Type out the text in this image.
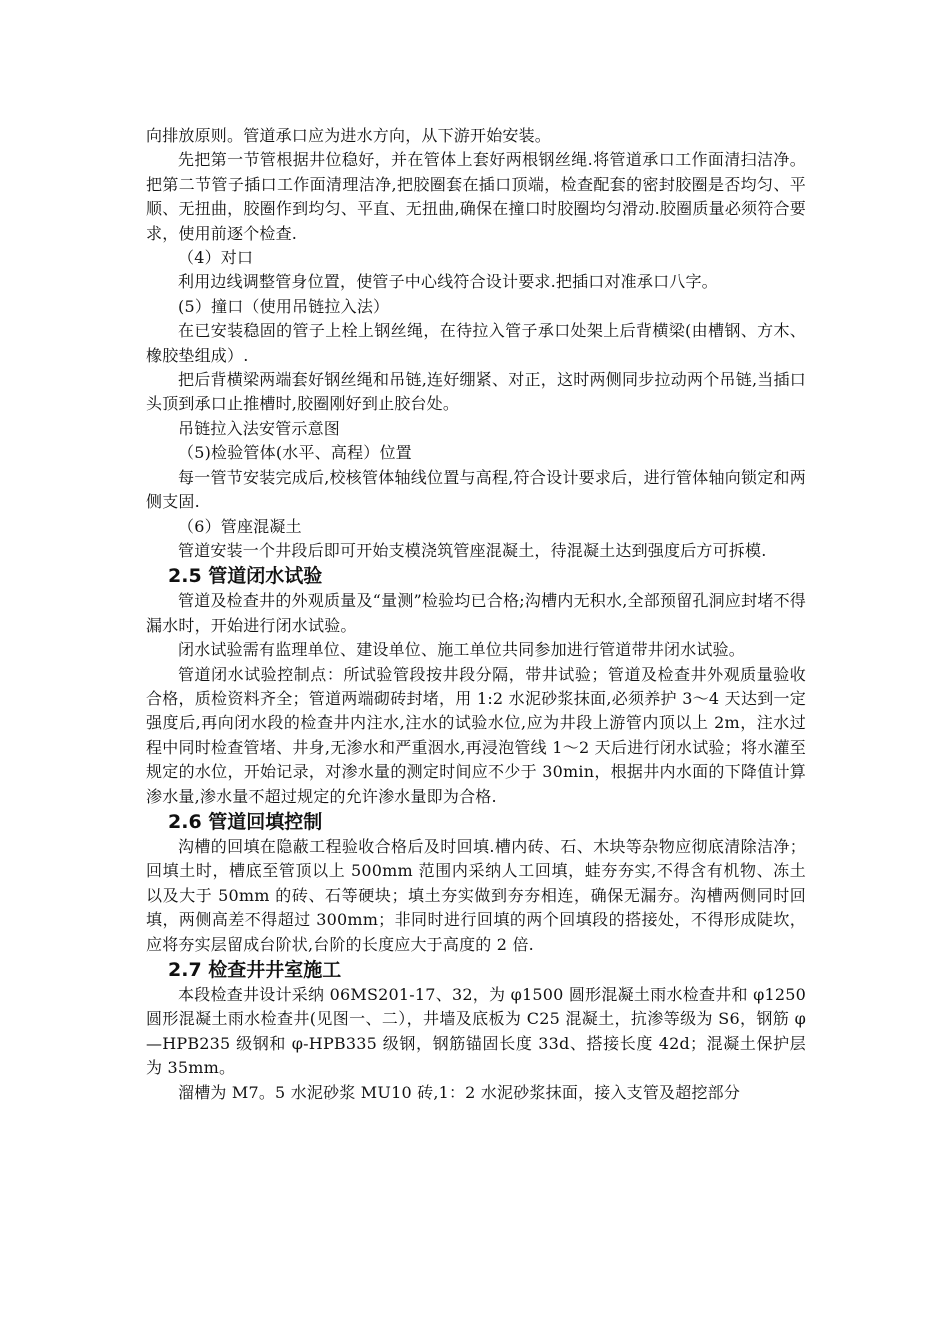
向排放原则。管道承口应为进水方向，从下游开始安装。

先把第一节管根据井位稳好，并在管体上套好两根钢丝绳.将管道承口工作面清扫洁净。把第二节管子插口工作面清理洁净,把胶圈套在插口顶端，检查配套的密封胶圈是否均匀、平顺、无扭曲，胶圈作到均匀、平直、无扭曲,确保在撞口时胶圈均匀滑动.胶圈质量必须符合要求，使用前逐个检查.

（4）对口

利用边线调整管身位置，使管子中心线符合设计要求.把插口对准承口八字。

(5）撞口（使用吊链拉入法）

在已安装稳固的管子上栓上钢丝绳，在待拉入管子承口处架上后背横梁(由槽钢、方木、橡胶垫组成）.

把后背横梁两端套好钢丝绳和吊链,连好绷紧、对正，这时两侧同步拉动两个吊链,当插口头顶到承口止推槽时,胶圈刚好到止胶台处。

吊链拉入法安管示意图

（5)检验管体(水平、高程）位置

每一管节安装完成后,校核管体轴线位置与高程,符合设计要求后，进行管体轴向锁定和两侧支固.

（6）管座混凝土

管道安装一个井段后即可开始支模浇筑管座混凝土，待混凝土达到强度后方可拆模.

2.5 管道闭水试验

管道及检查井的外观质量及“量测”检验均已合格;沟槽内无积水,全部预留孔洞应封堵不得漏水时，开始进行闭水试验。

闭水试验需有监理单位、建设单位、施工单位共同参加进行管道带井闭水试验。

管道闭水试验控制点：所试验管段按井段分隔，带井试验；管道及检查井外观质量验收合格，质检资料齐全；管道两端砌砖封堵，用 1:2 水泥砂浆抹面,必须养护 3～4 天达到一定强度后,再向闭水段的检查井内注水,注水的试验水位,应为井段上游管内顶以上 2m，注水过程中同时检查管堵、井身,无渗水和严重洇水,再浸泡管线 1～2 天后进行闭水试验；将水灌至规定的水位，开始记录，对渗水量的测定时间应不少于 30min，根据井内水面的下降值计算渗水量,渗水量不超过规定的允许渗水量即为合格.

2.6 管道回填控制

沟槽的回填在隐蔽工程验收合格后及时回填.槽内砖、石、木块等杂物应彻底清除洁净；回填土时，槽底至管顶以上 500mm 范围内采纳人工回填，蛙夯夯实,不得含有机物、冻土以及大于 50mm 的砖、石等硬块；填土夯实做到夯夯相连，确保无漏夯。沟槽两侧同时回填，两侧高差不得超过 300mm；非同时进行回填的两个回填段的搭接处，不得形成陡坎，应将夯实层留成台阶状,台阶的长度应大于高度的 2 倍.

2.7 检查井井室施工

本段检查井设计采纳 06MS201-17、32，为 φ1500 圆形混凝土雨水检查井和 φ1250 圆形混凝土雨水检查井(见图一、二），井墙及底板为 C25 混凝土，抗渗等级为 S6，钢筋 φ—HPB235 级钢和 φ-HPB335 级钢，钢筋锚固长度 33d、搭接长度 42d；混凝土保护层为 35mm。

溜槽为 M7。5 水泥砂浆 MU10 砖,1：2 水泥砂浆抹面，接入支管及超挖部分
